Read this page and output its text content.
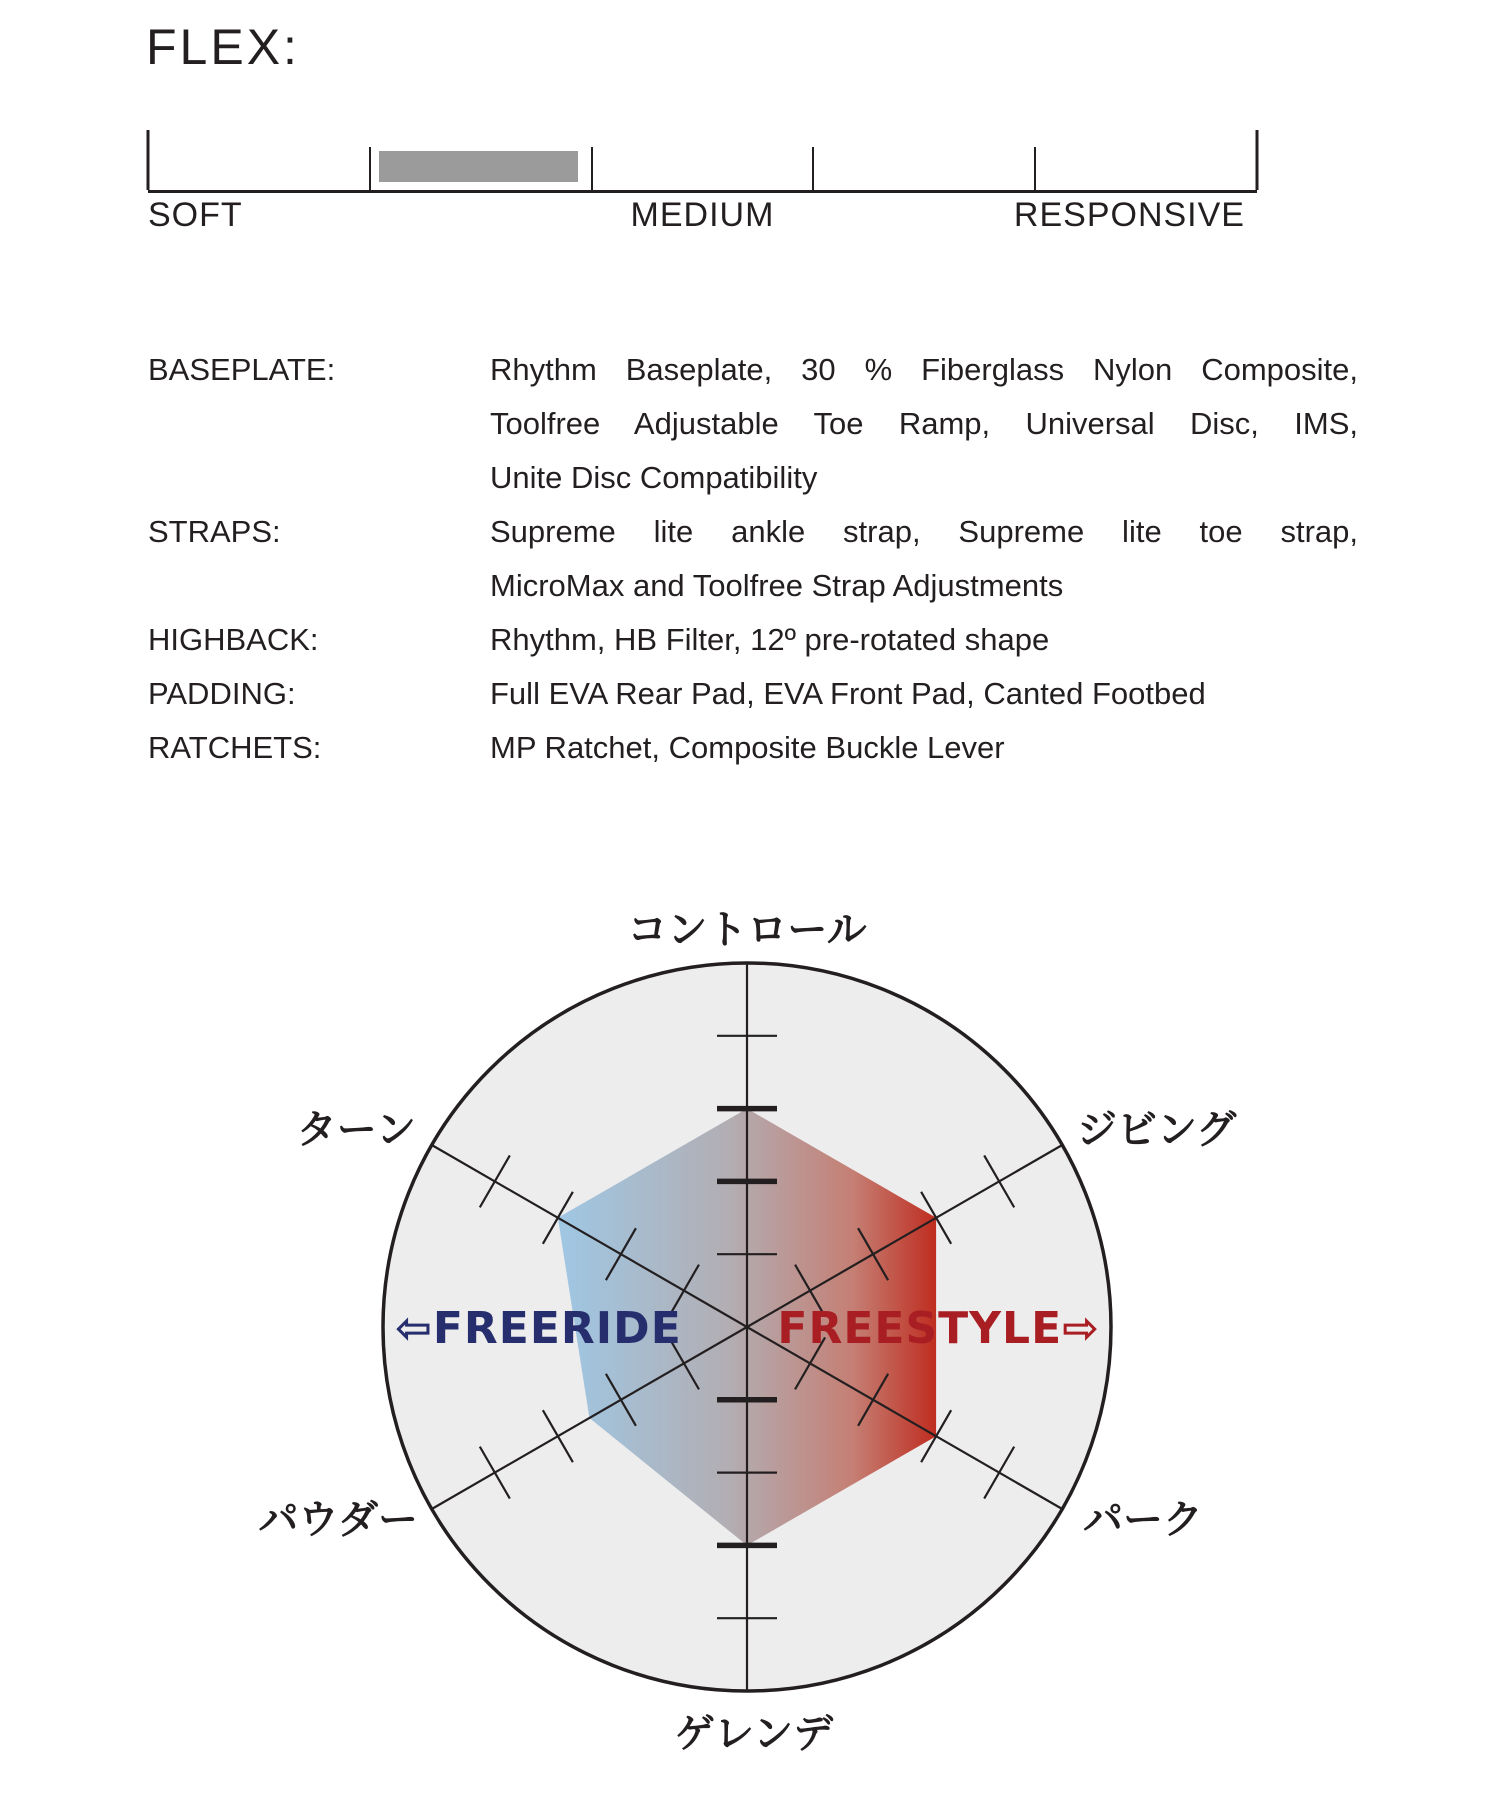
FLEX:
SOFT	MEDIUM	RESPONSIVE
BASEPLATE:	Rhythm Baseplate, 30 % Fiberglass Nylon Composite,
Toolfree Adjustable Toe Ramp, Universal Disc, IMS,
Unite Disc Compatibility
STRAPS:	Supreme lite ankle strap, Supreme lite toe strap,
MicroMax and Toolfree Strap Adjustments
HIGHBACK:	Rhythm, HB Filter, 12º pre-rotated shape
PADDING:	Full EVA Rear Pad, EVA Front Pad, Canted Footbed
RATCHETS:	MP Ratchet, Composite Buckle Lever
コントロール
ジビング
パーク
ゲレンデ
パウダー
ターン
⇦FREERIDE FREESTYLE⇨
